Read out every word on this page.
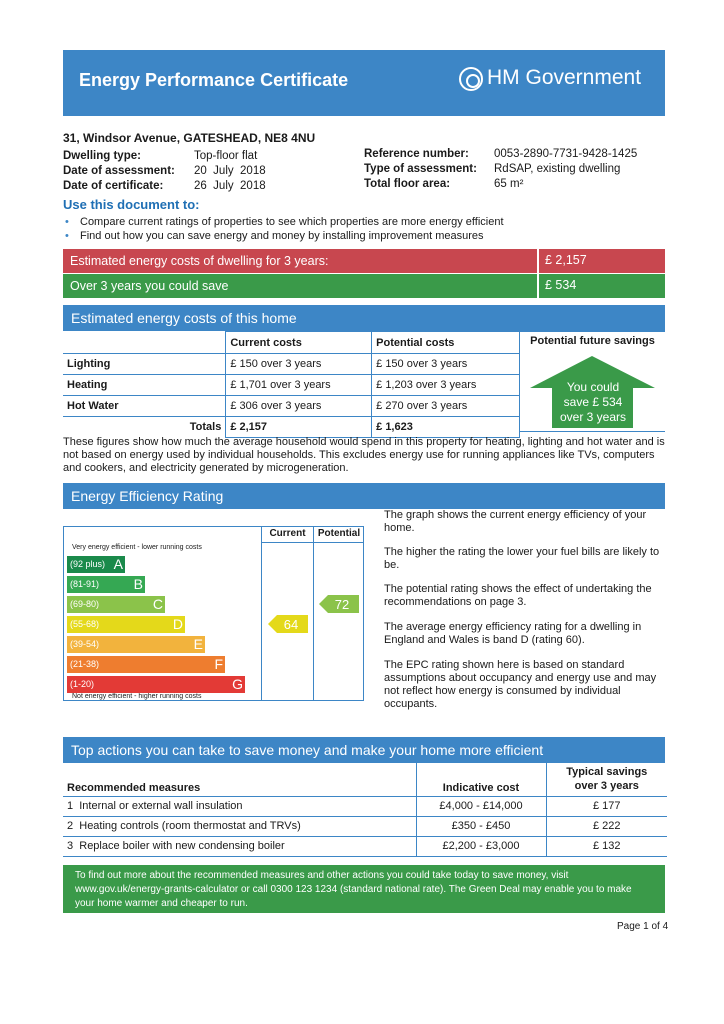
Energy Performance Certificate	HM Government
31, Windsor Avenue, GATESHEAD, NE8 4NU
Dwelling type:	Top-floor flat
Date of assessment: 20  July  2018
Date of certificate:	26  July  2018
Reference number: 0053-2890-7731-9428-1425
Type of assessment: RdSAP, existing dwelling
Total floor area:	65 m²
Use this document to:
• Compare current ratings of properties to see which properties are more energy efficient
• Find out how you can save energy and money by installing improvement measures
Estimated energy costs of dwelling for 3 years:	£ 2,157
Over 3 years you could save	£ 534
Estimated energy costs of this home
	Current costs	Potential costs
Lighting	£ 150 over 3 years	£ 150 over 3 years
Heating	£ 1,701 over 3 years	£ 1,203 over 3 years
Hot Water	£ 306 over 3 years	£ 270 over 3 years
Totals	£ 2,157	£ 1,623
Potential future savings
You could
save £ 534
over 3 years
These figures show how much the average household would spend in this property for heating, lighting and hot water and is not based on energy used by individual households. This excludes energy use for running appliances like TVs, computers and cookers, and electricity generated by microgeneration.
Energy Efficiency Rating
Current	Potential
Very energy efficient - lower running costs
Not energy efficient - higher running costs
(92 plus) A
(81-91) B
(69-80)	C
(55-68)	D
(39-54)	E
(21-38)	F
(1-20)	G
64
72
The graph shows the current energy efficiency of your home.
The higher the rating the lower your fuel bills are likely to be.
The potential rating shows the effect of undertaking the recommendations on page 3.
The average energy efficiency rating for a dwelling in England and Wales is band D (rating 60).
The EPC rating shown here is based on standard assumptions about occupancy and energy use and may not reflect how energy is consumed by individual occupants.
Top actions you can take to save money and make your home more efficient
Recommended measures	Indicative cost	Typical savings
over 3 years

1 Internal or external wall insulation	£4,000 - £14,000	£ 177
2 Heating controls (room thermostat and TRVs)	£350 - £450	£ 222
3 Replace boiler with new condensing boiler	£2,200 - £3,000	£ 132
To find out more about the recommended measures and other actions you could take today to save money, visit www.gov.uk/energy-grants-calculator or call 0300 123 1234 (standard national rate). The Green Deal may enable you to make your home warmer and cheaper to run.
Page 1 of 4
